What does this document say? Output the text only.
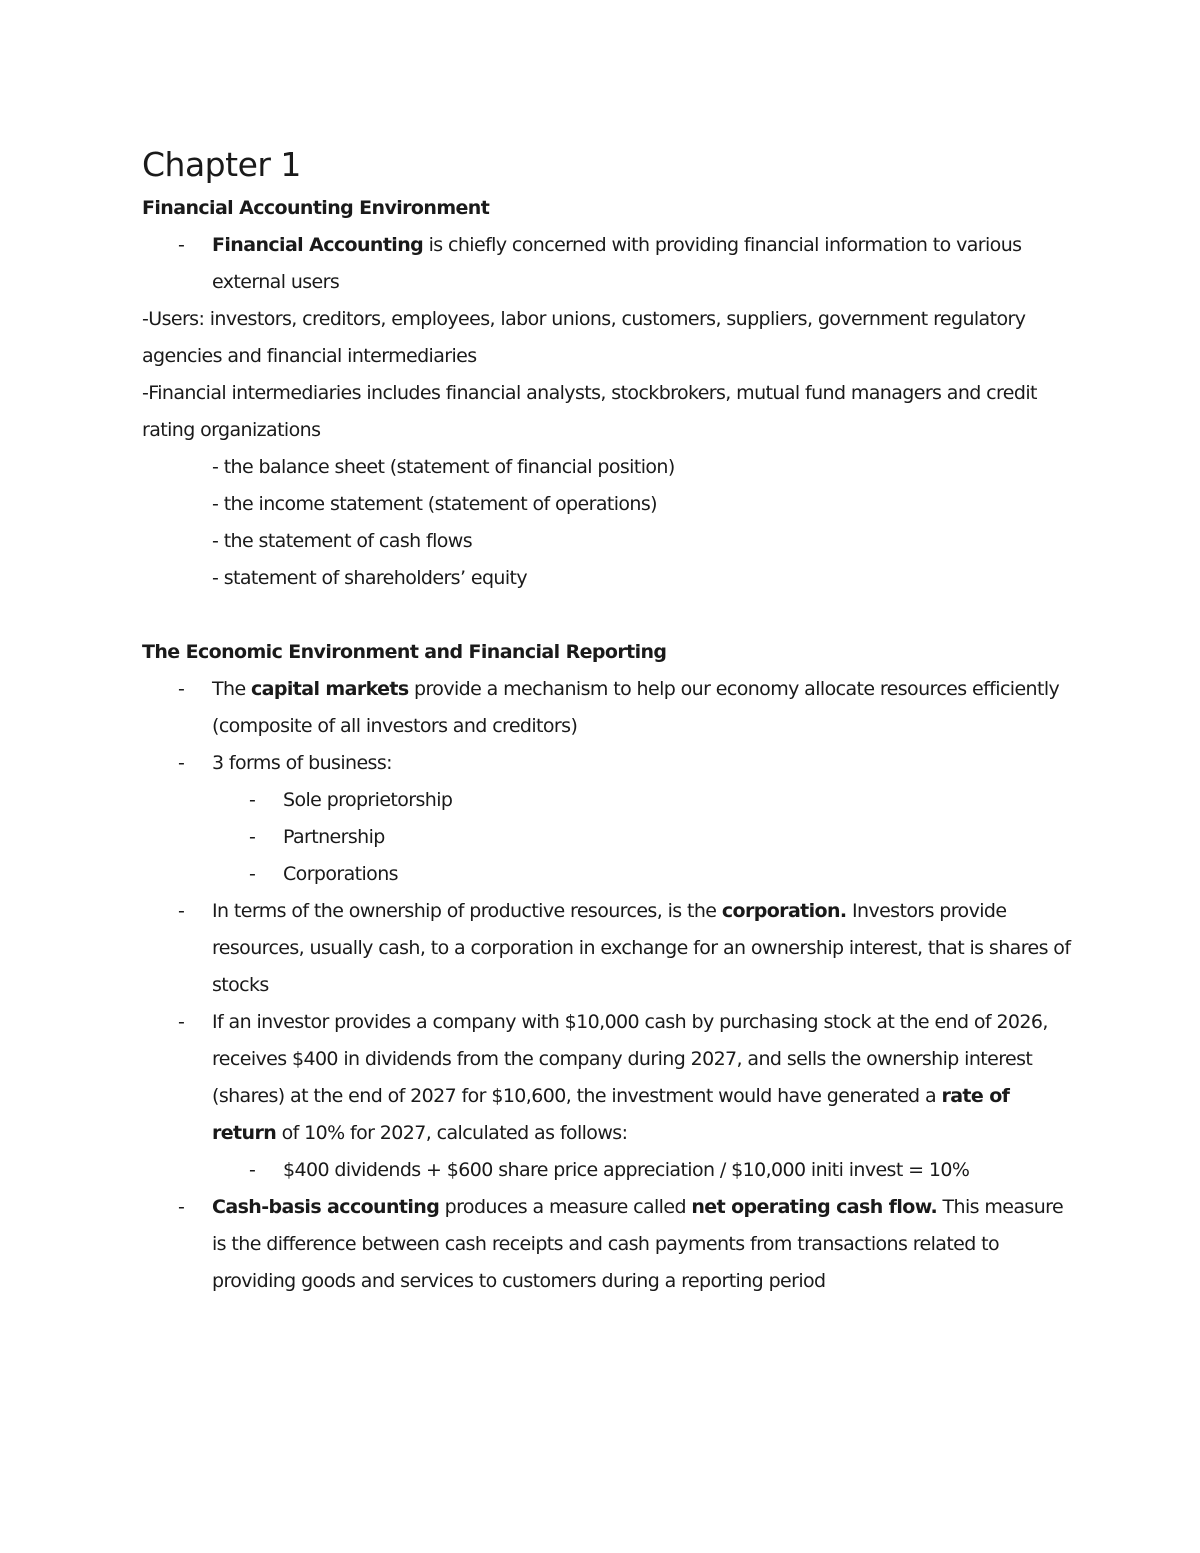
Chapter 1
Financial Accounting Environment
- Financial Accounting is chiefly concerned with providing financial information to various external users

-Users: investors, creditors, employees, labor unions, customers, suppliers, government regulatory agencies and financial intermediaries

-Financial intermediaries includes financial analysts, stockbrokers, mutual fund managers and credit rating organizations

- the balance sheet (statement of financial position)
- the income statement (statement of operations)
- the statement of cash flows
- statement of shareholders’ equity
The Economic Environment and Financial Reporting
- The capital markets provide a mechanism to help our economy allocate resources efficiently (composite of all investors and creditors)
- 3 forms of business:
- Sole proprietorship
- Partnership
- Corporations
- In terms of the ownership of productive resources, is the corporation. Investors provide resources, usually cash, to a corporation in exchange for an ownership interest, that is shares of stocks
- If an investor provides a company with $10,000 cash by purchasing stock at the end of 2026, receives $400 in dividends from the company during 2027, and sells the ownership interest (shares) at the end of 2027 for $10,600, the investment would have generated a rate of return of 10% for 2027, calculated as follows:
- $400 dividends + $600 share price appreciation / $10,000 initi invest = 10%
- Cash-basis accounting produces a measure called net operating cash flow. This measure is the difference between cash receipts and cash payments from transactions related to providing goods and services to customers during a reporting period
